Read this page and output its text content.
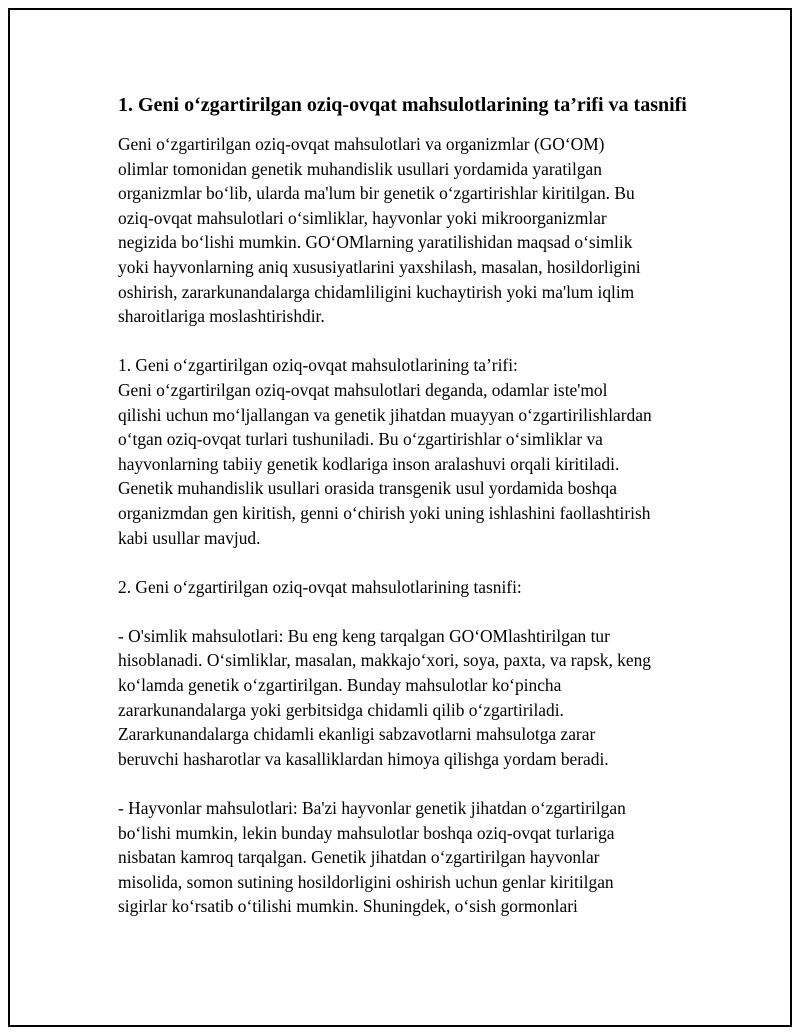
1. Geni o‘zgartirilgan oziq-ovqat mahsulotlarining ta’rifi va tasnifi

Geni o‘zgartirilgan oziq-ovqat mahsulotlari va organizmlar (GO‘OM)
olimlar tomonidan genetik muhandislik usullari yordamida yaratilgan
organizmlar bo‘lib, ularda ma'lum bir genetik o‘zgartirishlar kiritilgan. Bu
oziq-ovqat mahsulotlari o‘simliklar, hayvonlar yoki mikroorganizmlar
negizida bo‘lishi mumkin. GO‘OMlarning yaratilishidan maqsad o‘simlik
yoki hayvonlarning aniq xususiyatlarini yaxshilash, masalan, hosildorligini
oshirish, zararkunandalarga chidamliligini kuchaytirish yoki ma'lum iqlim
sharoitlariga moslashtirishdir.

1. Geni o‘zgartirilgan oziq-ovqat mahsulotlarining ta’rifi:
Geni o‘zgartirilgan oziq-ovqat mahsulotlari deganda, odamlar iste'mol
qilishi uchun mo‘ljallangan va genetik jihatdan muayyan o‘zgartirilishlardan
o‘tgan oziq-ovqat turlari tushuniladi. Bu o‘zgartirishlar o‘simliklar va
hayvonlarning tabiiy genetik kodlariga inson aralashuvi orqali kiritiladi.
Genetik muhandislik usullari orasida transgenik usul yordamida boshqa
organizmdan gen kiritish, genni o‘chirish yoki uning ishlashini faollashtirish
kabi usullar mavjud.

2. Geni o‘zgartirilgan oziq-ovqat mahsulotlarining tasnifi:

- O'simlik mahsulotlari: Bu eng keng tarqalgan GO‘OMlashtirilgan tur
hisoblanadi. O‘simliklar, masalan, makkajo‘xori, soya, paxta, va rapsk, keng
ko‘lamda genetik o‘zgartirilgan. Bunday mahsulotlar ko‘pincha
zararkunandalarga yoki gerbitsidga chidamli qilib o‘zgartiriladi.
Zararkunandalarga chidamli ekanligi sabzavotlarni mahsulotga zarar
beruvchi hasharotlar va kasalliklardan himoya qilishga yordam beradi.

- Hayvonlar mahsulotlari: Ba'zi hayvonlar genetik jihatdan o‘zgartirilgan
bo‘lishi mumkin, lekin bunday mahsulotlar boshqa oziq-ovqat turlariga
nisbatan kamroq tarqalgan. Genetik jihatdan o‘zgartirilgan hayvonlar
misolida, somon sutining hosildorligini oshirish uchun genlar kiritilgan
sigirlar ko‘rsatib o‘tilishi mumkin. Shuningdek, o‘sish gormonlari
